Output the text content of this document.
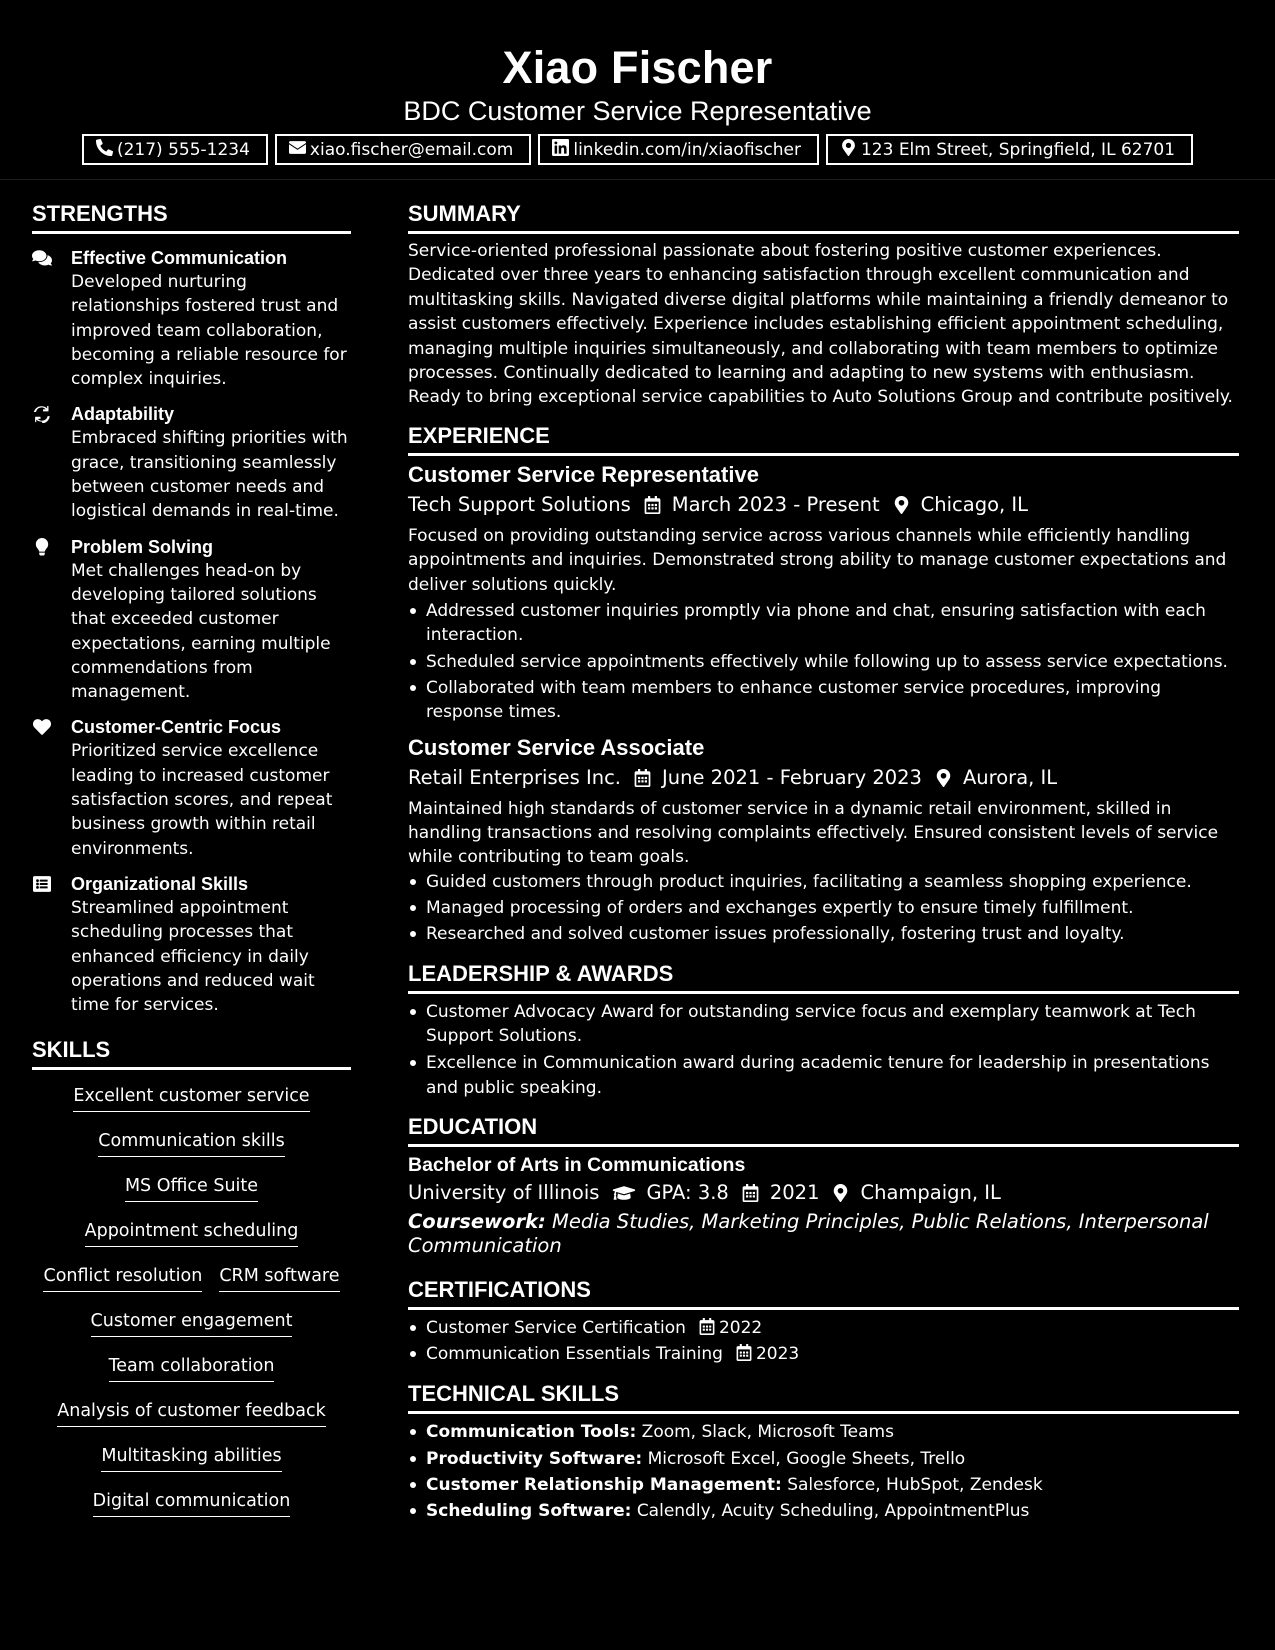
Xiao Fischer
BDC Customer Service Representative
(217) 555-1234	xiao.fischer@email.com	linkedin.com/in/xiaofischer	123 Elm Street, Springfield, IL 62701
STRENGTHS
Effective Communication

Developed nurturing relationships fostered trust and improved team collaboration, becoming a reliable resource for complex inquiries.

Adaptability

Embraced shifting priorities with grace, transitioning seamlessly between customer needs and logistical demands in real-time.

Problem Solving

Met challenges head-on by developing tailored solutions that exceeded customer expectations, earning multiple commendations from management.

Customer-Centric Focus

Prioritized service excellence leading to increased customer satisfaction scores, and repeat business growth within retail environments.

Organizational Skills

Streamlined appointment scheduling processes that enhanced efficiency in daily operations and reduced wait time for services.

SKILLS
Excellent customer service
Communication skills
MS Office Suite
Appointment scheduling
Conflict resolution CRM software
Customer engagement
Team collaboration
Analysis of customer feedback
Multitasking abilities
Digital communication
SUMMARY

Service-oriented professional passionate about fostering positive customer experiences. Dedicated over three years to enhancing satisfaction through excellent communication and multitasking skills. Navigated diverse digital platforms while maintaining a friendly demeanor to assist customers effectively. Experience includes establishing efficient appointment scheduling, managing multiple inquiries simultaneously, and collaborating with team members to optimize processes. Continually dedicated to learning and adapting to new systems with enthusiasm. Ready to bring exceptional service capabilities to Auto Solutions Group and contribute positively.

EXPERIENCE
Customer Service Representative
Tech Support Solutions March 2023 - Present Chicago, IL

Focused on providing outstanding service across various channels while efficiently handling appointments and inquiries. Demonstrated strong ability to manage customer expectations and deliver solutions quickly.

Addressed customer inquiries promptly via phone and chat, ensuring satisfaction with each interaction.
Scheduled service appointments effectively while following up to assess service expectations.
Collaborated with team members to enhance customer service procedures, improving response times.
Customer Service Associate
Retail Enterprises Inc. June 2021 - February 2023 Aurora, IL

Maintained high standards of customer service in a dynamic retail environment, skilled in handling transactions and resolving complaints effectively. Ensured consistent levels of service while contributing to team goals.

Guided customers through product inquiries, facilitating a seamless shopping experience.
Managed processing of orders and exchanges expertly to ensure timely fulfillment.
Researched and solved customer issues professionally, fostering trust and loyalty.
LEADERSHIP & AWARDS
Customer Advocacy Award for outstanding service focus and exemplary teamwork at Tech Support Solutions.
Excellence in Communication award during academic tenure for leadership in presentations and public speaking.
EDUCATION
Bachelor of Arts in Communications
University of Illinois GPA: 3.8 2021 Champaign, IL

Coursework: Media Studies, Marketing Principles, Public Relations, Interpersonal Communication

CERTIFICATIONS
Customer Service Certification 2022
Communication Essentials Training 2023
TECHNICAL SKILLS
Communication Tools: Zoom, Slack, Microsoft Teams
Productivity Software: Microsoft Excel, Google Sheets, Trello
Customer Relationship Management: Salesforce, HubSpot, Zendesk
Scheduling Software: Calendly, Acuity Scheduling, AppointmentPlus
